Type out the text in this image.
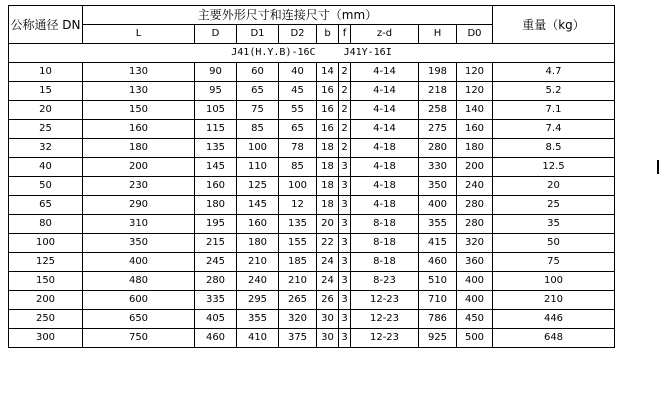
公称通径 DN	主要外形尺寸和连接尺寸（mm）									重量（kg）
	L	D	D1	D2	b	f	z-d	H	D0	
J41(H.Y.B)-16C J41Y-16I										
10	130	90	60	40	14	2	4-14	198	120	4.7
15	130	95	65	45	16	2	4-14	218	120	5.2
20	150	105	75	55	16	2	4-14	258	140	7.1
25	160	115	85	65	16	2	4-14	275	160	7.4
32	180	135	100	78	18	2	4-18	280	180	8.5
40	200	145	110	85	18	3	4-18	330	200	12.5
50	230	160	125	100	18	3	4-18	350	240	20
65	290	180	145	12	18	3	4-18	400	280	25
80	310	195	160	135	20	3	8-18	355	280	35
100	350	215	180	155	22	3	8-18	415	320	50
125	400	245	210	185	24	3	8-18	460	360	75
150	480	280	240	210	24	3	8-23	510	400	100
200	600	335	295	265	26	3	12-23	710	400	210
250	650	405	355	320	30	3	12-23	786	450	446
300	750	460	410	375	30	3	12-23	925	500	648
